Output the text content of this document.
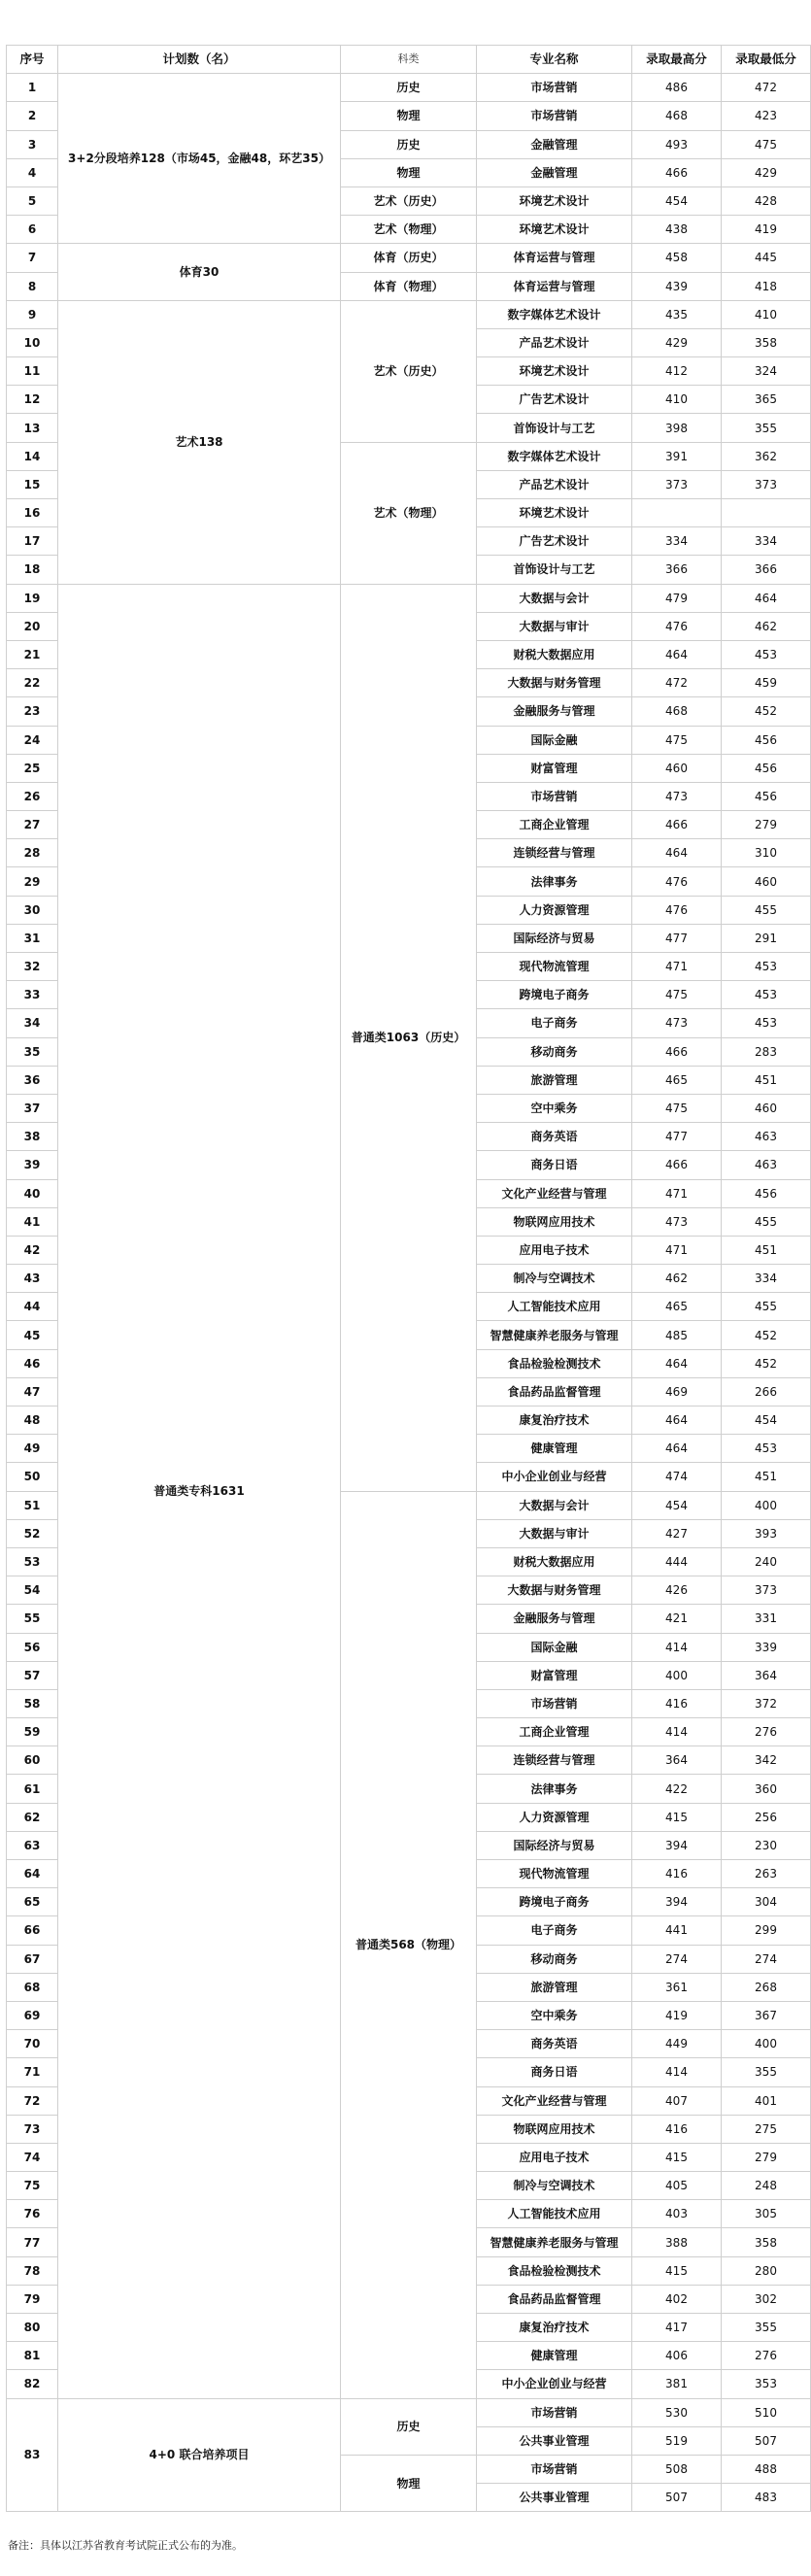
序号	计划数（名）	科类	专业名称	录取最高分	录取最低分
1	3+2分段培养128（市场45，金融48，环艺35）	历史	市场营销	486	472
2		物理	市场营销	468	423
3		历史	金融管理	493	475
4		物理	金融管理	466	429
5		艺术（历史）	环境艺术设计	454	428
6		艺术（物理）	环境艺术设计	438	419
7	体育30	体育（历史）	体育运营与管理	458	445
8		体育（物理）	体育运营与管理	439	418
9	艺术138	艺术（历史）	数字媒体艺术设计	435	410
10			产品艺术设计	429	358
11			环境艺术设计	412	324
12			广告艺术设计	410	365
13			首饰设计与工艺	398	355
14		艺术（物理）	数字媒体艺术设计	391	362
15			产品艺术设计	373	373
16			环境艺术设计		
17			广告艺术设计	334	334
18			首饰设计与工艺	366	366
19	普通类专科1631	普通类1063（历史）	大数据与会计	479	464
20			大数据与审计	476	462
21			财税大数据应用	464	453
22			大数据与财务管理	472	459
23			金融服务与管理	468	452
24			国际金融	475	456
25			财富管理	460	456
26			市场营销	473	456
27			工商企业管理	466	279
28			连锁经营与管理	464	310
29			法律事务	476	460
30			人力资源管理	476	455
31			国际经济与贸易	477	291
32			现代物流管理	471	453
33			跨境电子商务	475	453
34			电子商务	473	453
35			移动商务	466	283
36			旅游管理	465	451
37			空中乘务	475	460
38			商务英语	477	463
39			商务日语	466	463
40			文化产业经营与管理	471	456
41			物联网应用技术	473	455
42			应用电子技术	471	451
43			制冷与空调技术	462	334
44			人工智能技术应用	465	455
45			智慧健康养老服务与管理	485	452
46			食品检验检测技术	464	452
47			食品药品监督管理	469	266
48			康复治疗技术	464	454
49			健康管理	464	453
50			中小企业创业与经营	474	451
51		普通类568（物理）	大数据与会计	454	400
52			大数据与审计	427	393
53			财税大数据应用	444	240
54			大数据与财务管理	426	373
55			金融服务与管理	421	331
56			国际金融	414	339
57			财富管理	400	364
58			市场营销	416	372
59			工商企业管理	414	276
60			连锁经营与管理	364	342
61			法律事务	422	360
62			人力资源管理	415	256
63			国际经济与贸易	394	230
64			现代物流管理	416	263
65			跨境电子商务	394	304
66			电子商务	441	299
67			移动商务	274	274
68			旅游管理	361	268
69			空中乘务	419	367
70			商务英语	449	400
71			商务日语	414	355
72			文化产业经营与管理	407	401
73			物联网应用技术	416	275
74			应用电子技术	415	279
75			制冷与空调技术	405	248
76			人工智能技术应用	403	305
77			智慧健康养老服务与管理	388	358
78			食品检验检测技术	415	280
79			食品药品监督管理	402	302
80			康复治疗技术	417	355
81			健康管理	406	276
82			中小企业创业与经营	381	353
83	4+0 联合培养项目	历史	市场营销	530	510
			公共事业管理	519	507
		物理	市场营销	508	488
			公共事业管理	507	483
备注：具体以江苏省教育考试院正式公布的为准。
